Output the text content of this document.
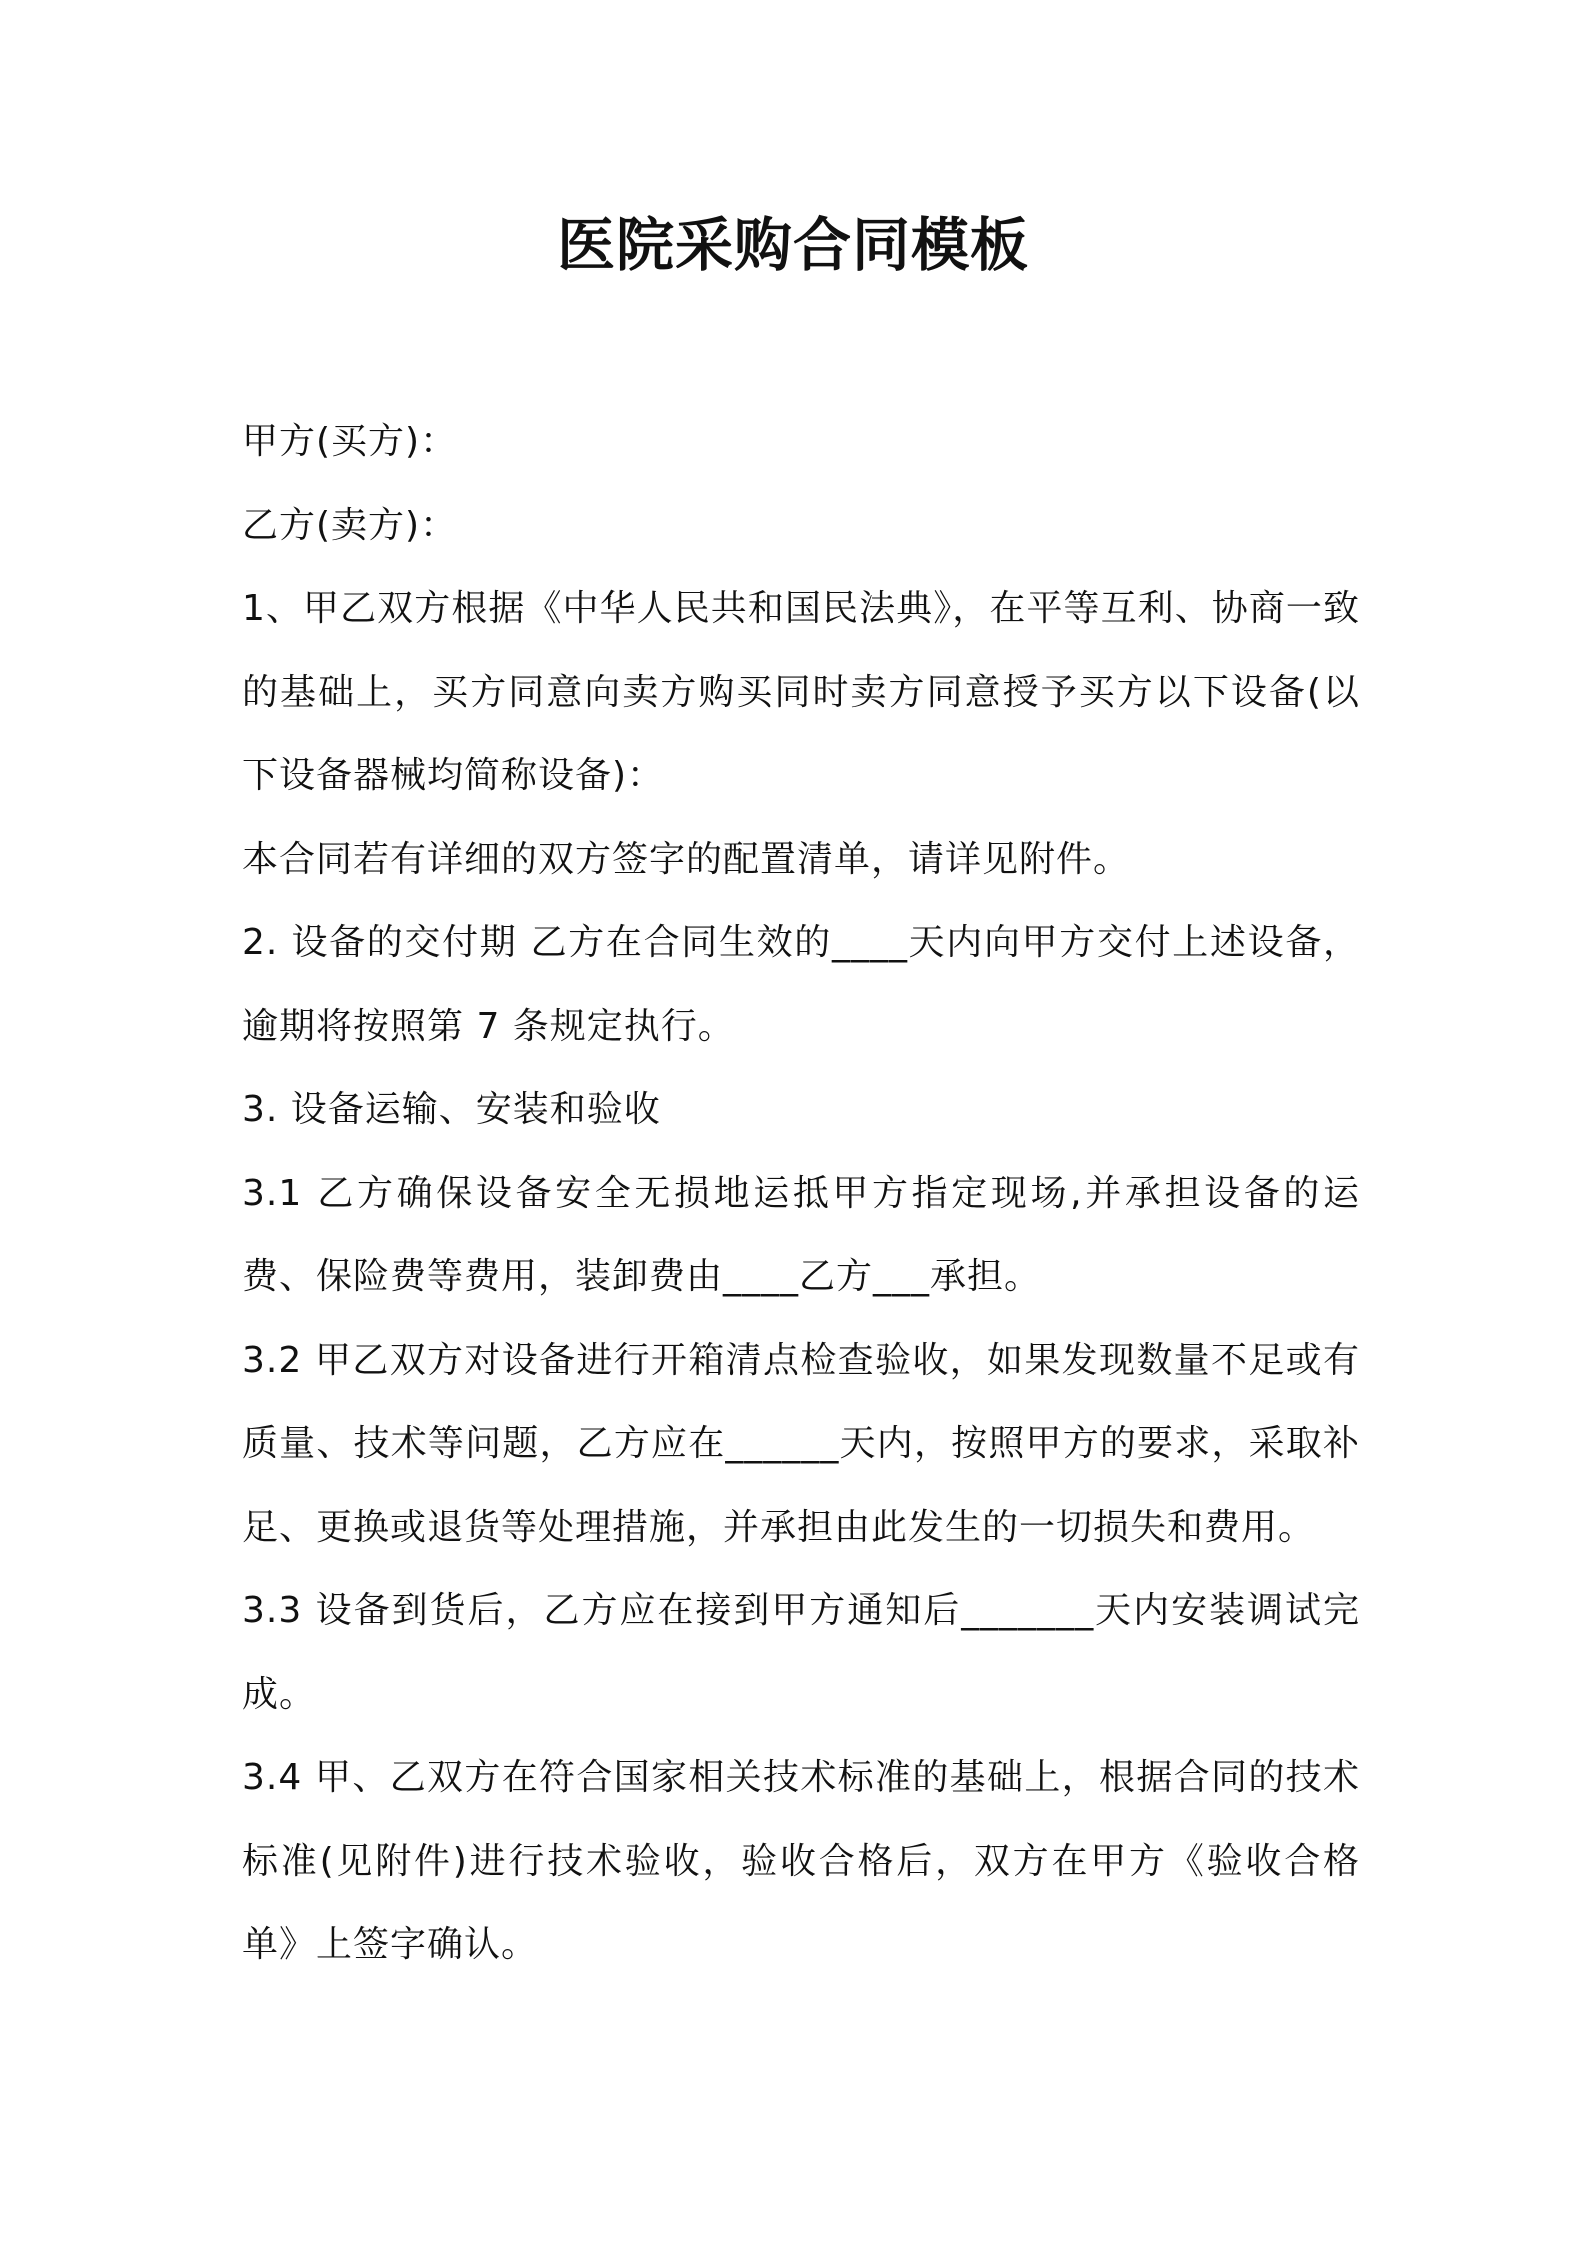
医院采购合同模板

甲方(买方)：

乙方(卖方)：

1、甲乙双方根据《中华人民共和国民法典》，在平等互利、协商一致的基础上，买方同意向卖方购买同时卖方同意授予买方以下设备(以下设备器械均简称设备)：

本合同若有详细的双方签字的配置清单，请详见附件。

2. 设备的交付期 乙方在合同生效的____天内向甲方交付上述设备，逾期将按照第 7 条规定执行。

3. 设备运输、安装和验收

3.1 乙方确保设备安全无损地运抵甲方指定现场,并承担设备的运费、保险费等费用，装卸费由____乙方___承担。

3.2 甲乙双方对设备进行开箱清点检查验收，如果发现数量不足或有质量、技术等问题，乙方应在______天内，按照甲方的要求，采取补足、更换或退货等处理措施，并承担由此发生的一切损失和费用。

3.3 设备到货后，乙方应在接到甲方通知后_______天内安装调试完成。

3.4 甲、乙双方在符合国家相关技术标准的基础上，根据合同的技术标准(见附件)进行技术验收，验收合格后，双方在甲方《验收合格单》上签字确认。
